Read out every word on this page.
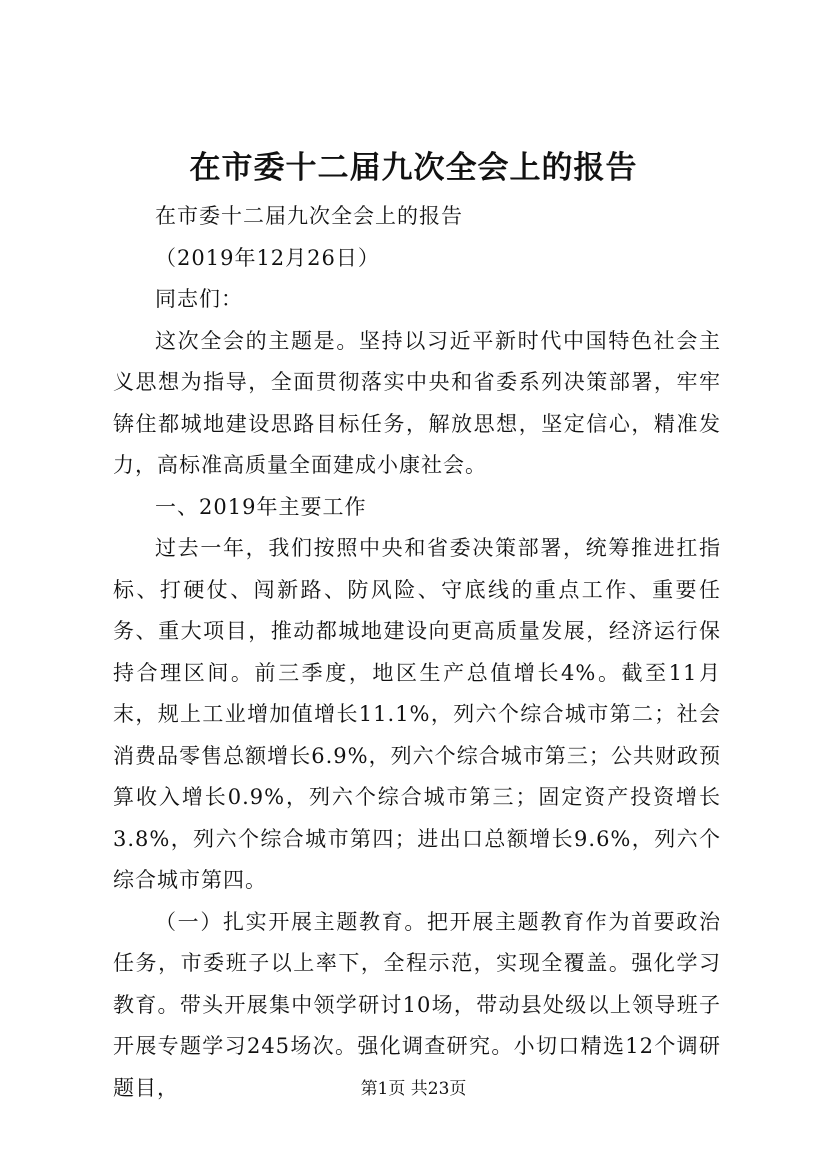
在市委十二届九次全会上的报告

在市委十二届九次全会上的报告

（2019年12月26日）

同志们：

这次全会的主题是。坚持以习近平新时代中国特色社会主义思想为指导，全面贯彻落实中央和省委系列决策部署，牢牢锛住都城地建设思路目标任务，解放思想，坚定信心，精准发力，高标准高质量全面建成小康社会。

一、2019年主要工作

过去一年，我们按照中央和省委决策部署，统筹推进扛指标、打硬仗、闯新路、防风险、守底线的重点工作、重要任务、重大项目，推动都城地建设向更高质量发展，经济运行保持合理区间。前三季度，地区生产总值增长4%。截至11月末，规上工业增加值增长11.1%，列六个综合城市第二；社会消费品零售总额增长6.9%，列六个综合城市第三；公共财政预算收入增长0.9%，列六个综合城市第三；固定资产投资增长3.8%，列六个综合城市第四；进出口总额增长9.6%，列六个综合城市第四。

（一）扎实开展主题教育。把开展主题教育作为首要政治任务，市委班子以上率下，全程示范，实现全覆盖。强化学习教育。带头开展集中领学研讨10场，带动县处级以上领导班子开展专题学习245场次。强化调查研究。小切口精选12个调研题目，	第1页 共23页
